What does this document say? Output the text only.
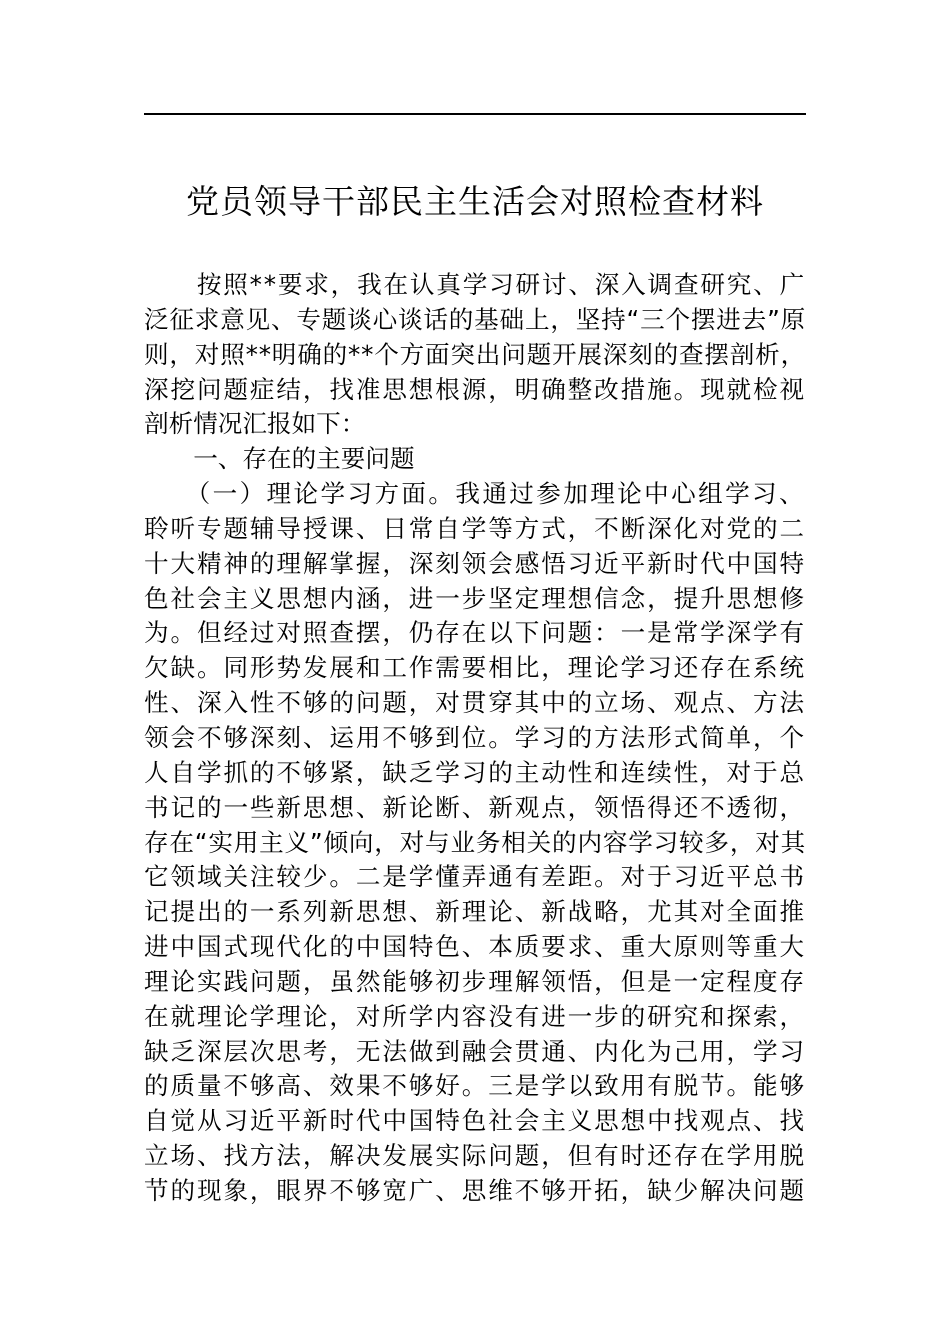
党员领导干部民主生活会对照检查材料
　　按照**要求，我在认真学习研讨、深入调查研究、广
泛征求意见、专题谈心谈话的基础上，坚持“三个摆进去”原
则，对照**明确的**个方面突出问题开展深刻的查摆剖析，
深挖问题症结，找准思想根源，明确整改措施。现就检视
剖析情况汇报如下：
　　一、存在的主要问题
　　（一）理论学习方面。我通过参加理论中心组学习、
聆听专题辅导授课、日常自学等方式，不断深化对党的二
十大精神的理解掌握，深刻领会感悟习近平新时代中国特
色社会主义思想内涵，进一步坚定理想信念，提升思想修
为。但经过对照查摆，仍存在以下问题：一是常学深学有
欠缺。同形势发展和工作需要相比，理论学习还存在系统
性、深入性不够的问题，对贯穿其中的立场、观点、方法
领会不够深刻、运用不够到位。学习的方法形式简单，个
人自学抓的不够紧，缺乏学习的主动性和连续性，对于总
书记的一些新思想、新论断、新观点，领悟得还不透彻，
存在“实用主义”倾向，对与业务相关的内容学习较多，对其
它领域关注较少。二是学懂弄通有差距。对于习近平总书
记提出的一系列新思想、新理论、新战略，尤其对全面推
进中国式现代化的中国特色、本质要求、重大原则等重大
理论实践问题，虽然能够初步理解领悟，但是一定程度存
在就理论学理论，对所学内容没有进一步的研究和探索，
缺乏深层次思考，无法做到融会贯通、内化为己用，学习
的质量不够高、效果不够好。三是学以致用有脱节。能够
自觉从习近平新时代中国特色社会主义思想中找观点、找
立场、找方法，解决发展实际问题，但有时还存在学用脱
节的现象，眼界不够宽广、思维不够开拓，缺少解决问题
